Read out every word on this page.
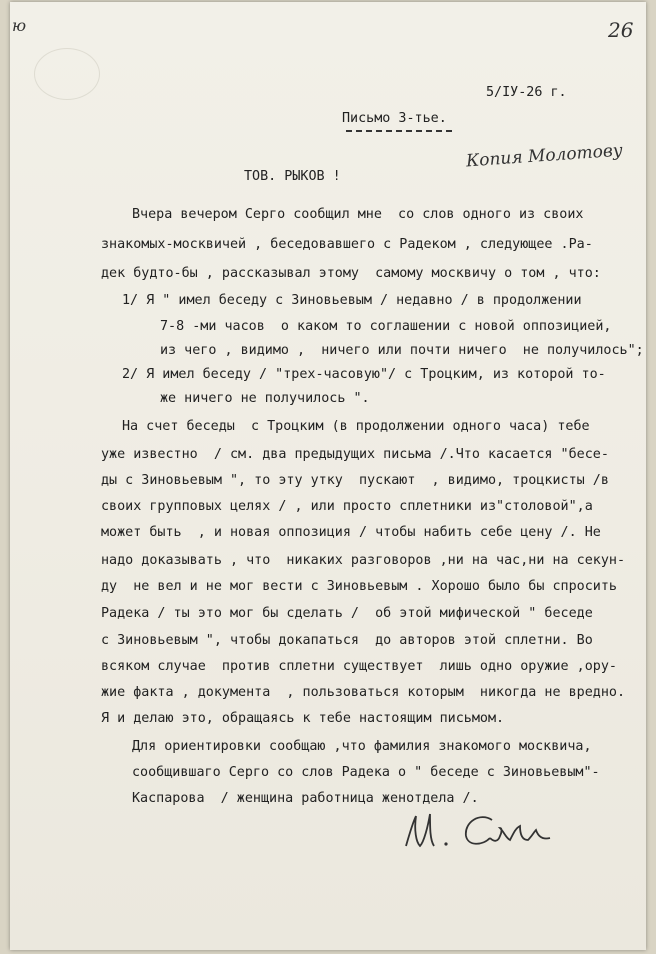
ю	26
5/IУ-26 г.
Письмо 3-тье.
Копия Молотову
ТОВ. РЫКОВ !
Вчера вечером Серго сообщил мне  со слов одного из своих
знакомых-москвичей , беседовавшего с Радеком , следующее .Ра-
дек будто-бы , рассказывал этому  самому москвичу о том , что:
1/ Я " имел беседу с Зиновьевым / недавно / в продолжении
7-8 -ми часов  о каком то соглашении с новой оппозицией,
из чего , видимо ,  ничего или почти ничего  не получилось";
2/ Я имел беседу / "трех-часовую"/ с Троцким, из которой то-
же ничего не получилось ".
На счет беседы  с Троцким (в продолжении одного часа) тебе
уже известно  / см. два предыдущих письма /.Что касается "бесе-
ды с Зиновьевым ", то эту утку  пускают  , видимо, троцкисты /в
своих групповых целях / , или просто сплетники из"столовой",а
может быть  , и новая оппозиция / чтобы набить себе цену /. Не
надо доказывать , что  никаких разговоров ,ни на час,ни на секун-
ду  не вел и не мог вести с Зиновьевым . Хорошо было бы спросить
Радека / ты это мог бы сделать /  об этой мифической " беседе
с Зиновьевым ", чтобы докапаться  до авторов этой сплетни. Во
всяком случае  против сплетни существует  лишь одно оружие ,ору-
жие факта , документа  , пользоваться которым  никогда не вредно.
Я и делаю это, обращаясь к тебе настоящим письмом.
Для ориентировки сообщаю ,что фамилия знакомого москвича,
сообщившаго Серго со слов Радека о " беседе с Зиновьевым"-
Каспарова  / женщина работница женотдела /.
